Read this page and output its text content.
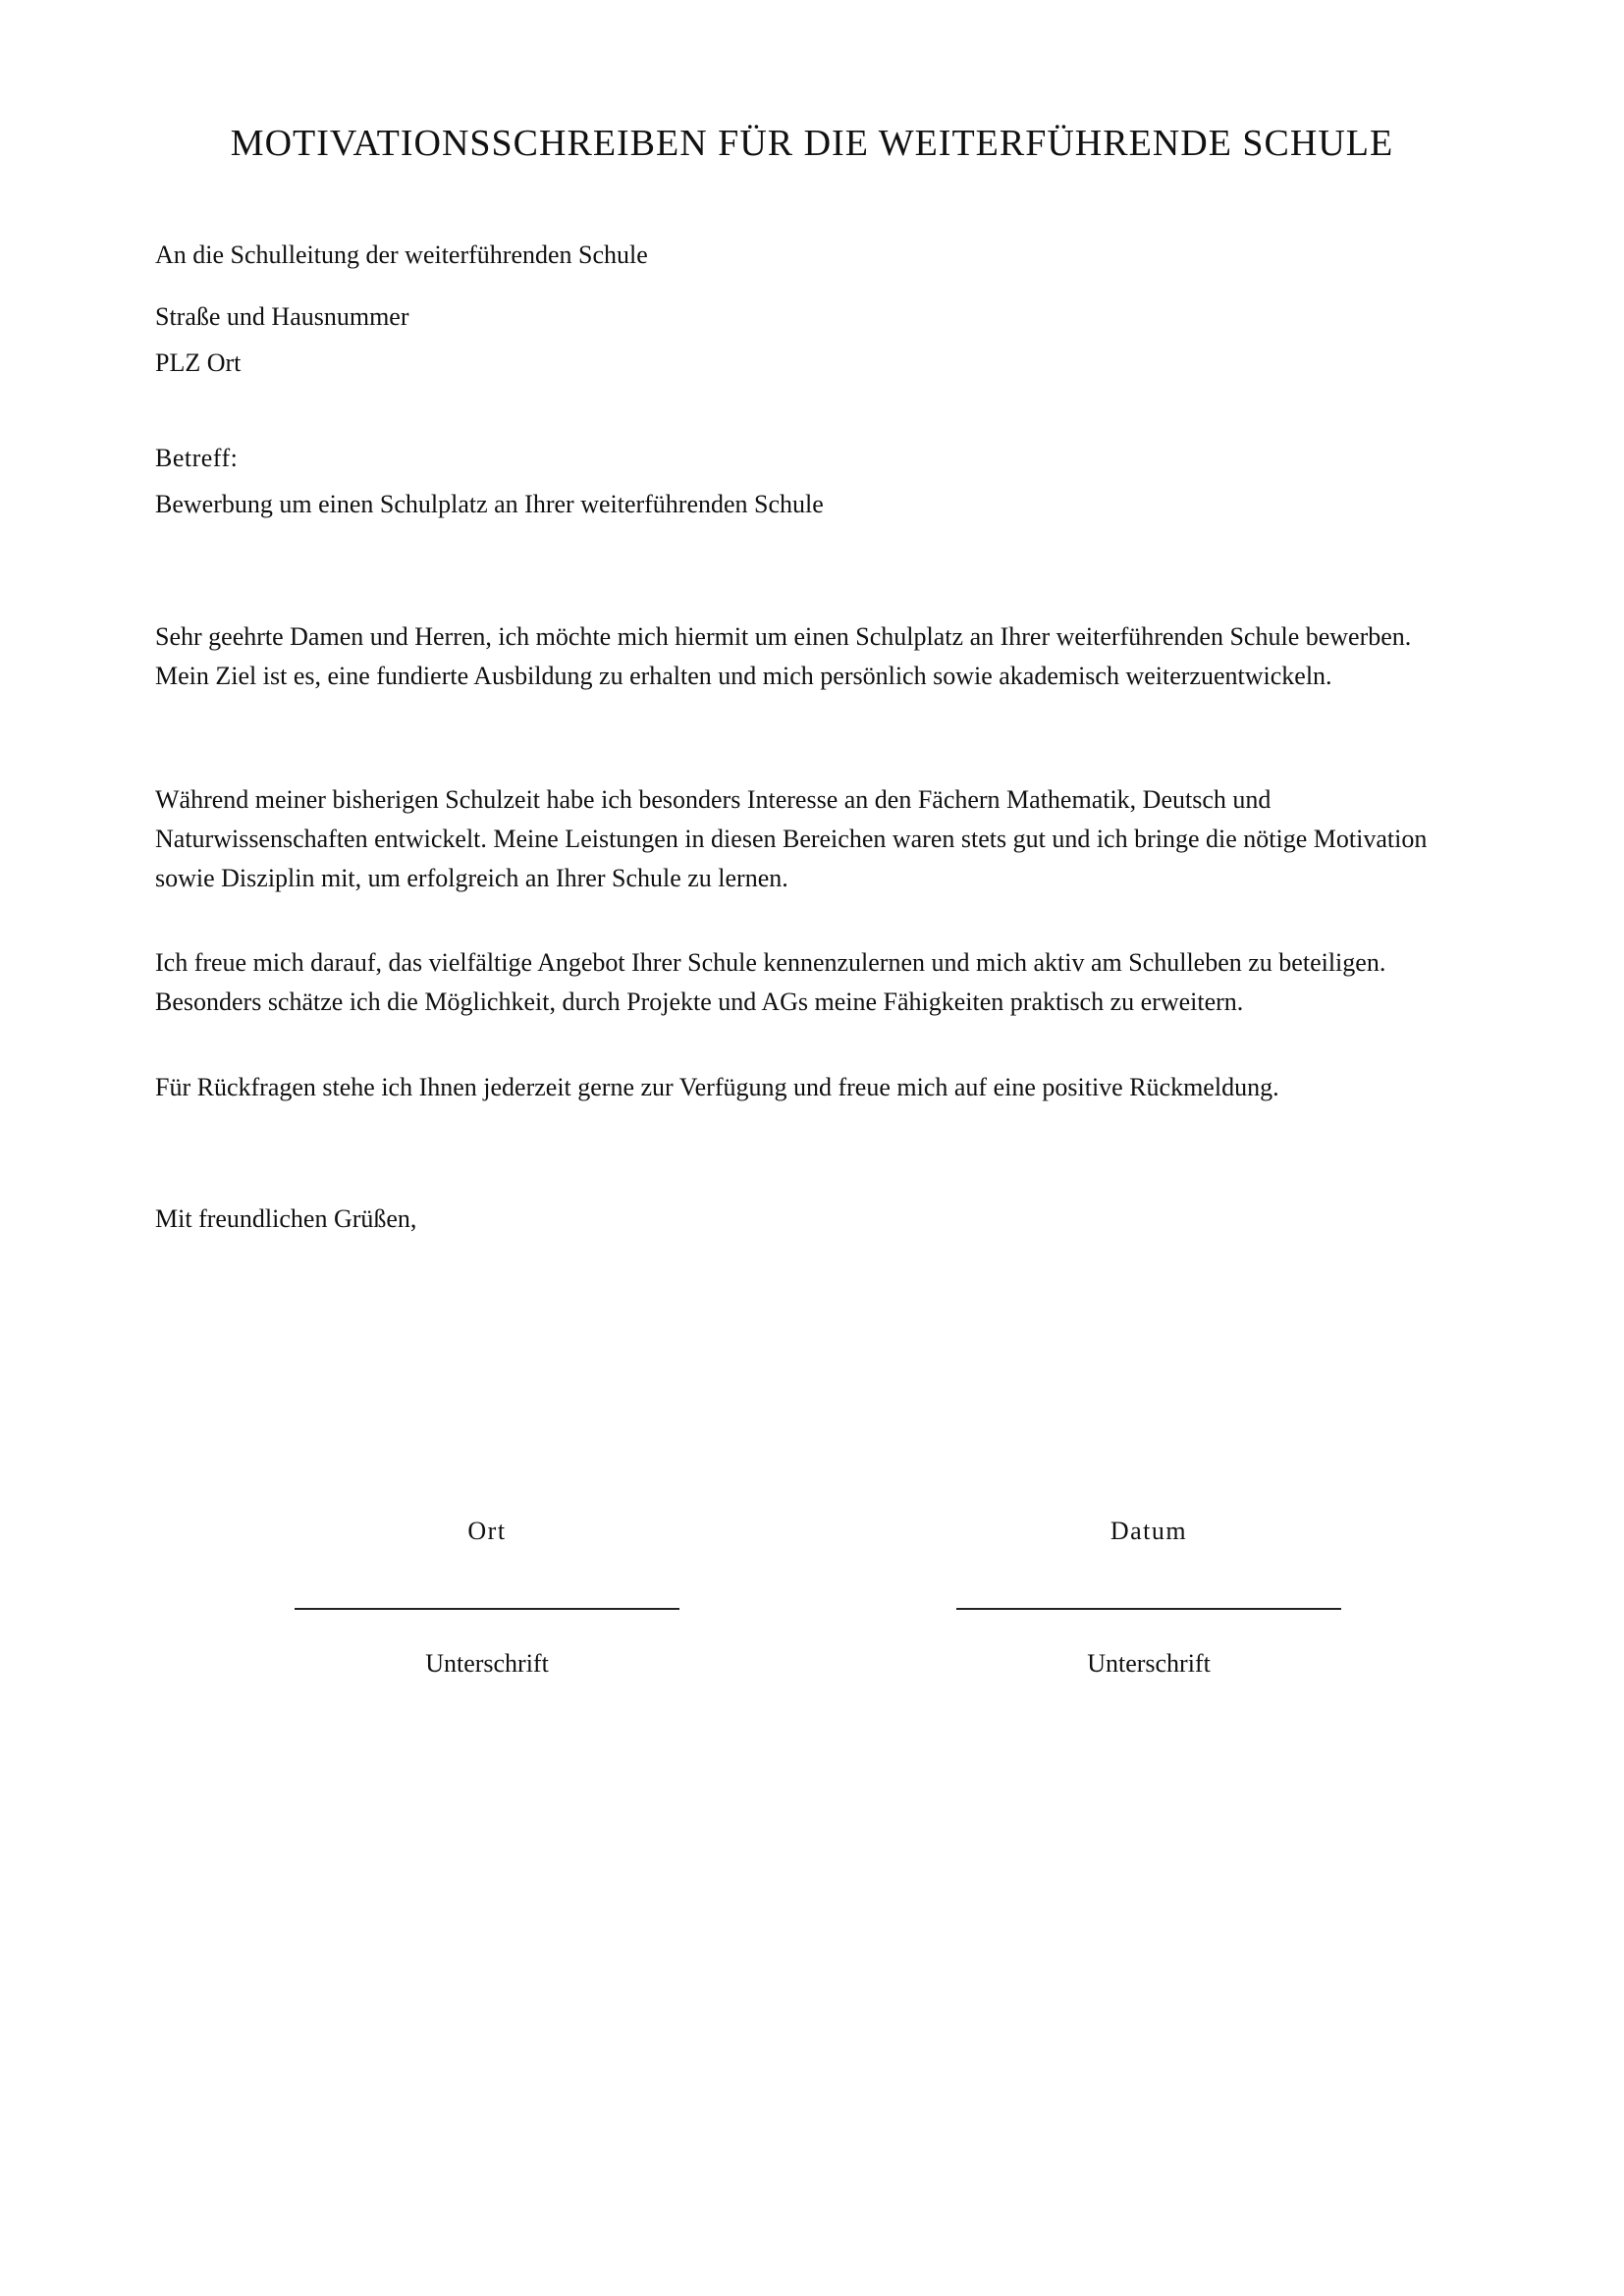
MOTIVATIONSSCHREIBEN FÜR DIE WEITERFÜHRENDE SCHULE

An die Schulleitung der weiterführenden Schule

Straße und Hausnummer

PLZ Ort

Betreff:

Bewerbung um einen Schulplatz an Ihrer weiterführenden Schule

Sehr geehrte Damen und Herren, ich möchte mich hiermit um einen Schulplatz an Ihrer weiterführenden Schule bewerben. Mein Ziel ist es, eine fundierte Ausbildung zu erhalten und mich persönlich sowie akademisch weiterzuentwickeln.

Während meiner bisherigen Schulzeit habe ich besonders Interesse an den Fächern Mathematik, Deutsch und Naturwissenschaften entwickelt. Meine Leistungen in diesen Bereichen waren stets gut und ich bringe die nötige Motivation sowie Disziplin mit, um erfolgreich an Ihrer Schule zu lernen.

Ich freue mich darauf, das vielfältige Angebot Ihrer Schule kennenzulernen und mich aktiv am Schulleben zu beteiligen. Besonders schätze ich die Möglichkeit, durch Projekte und AGs meine Fähigkeiten praktisch zu erweitern.

Für Rückfragen stehe ich Ihnen jederzeit gerne zur Verfügung und freue mich auf eine positive Rückmeldung.

Mit freundlichen Grüßen,

Ort	Datum
Unterschrift	Unterschrift
